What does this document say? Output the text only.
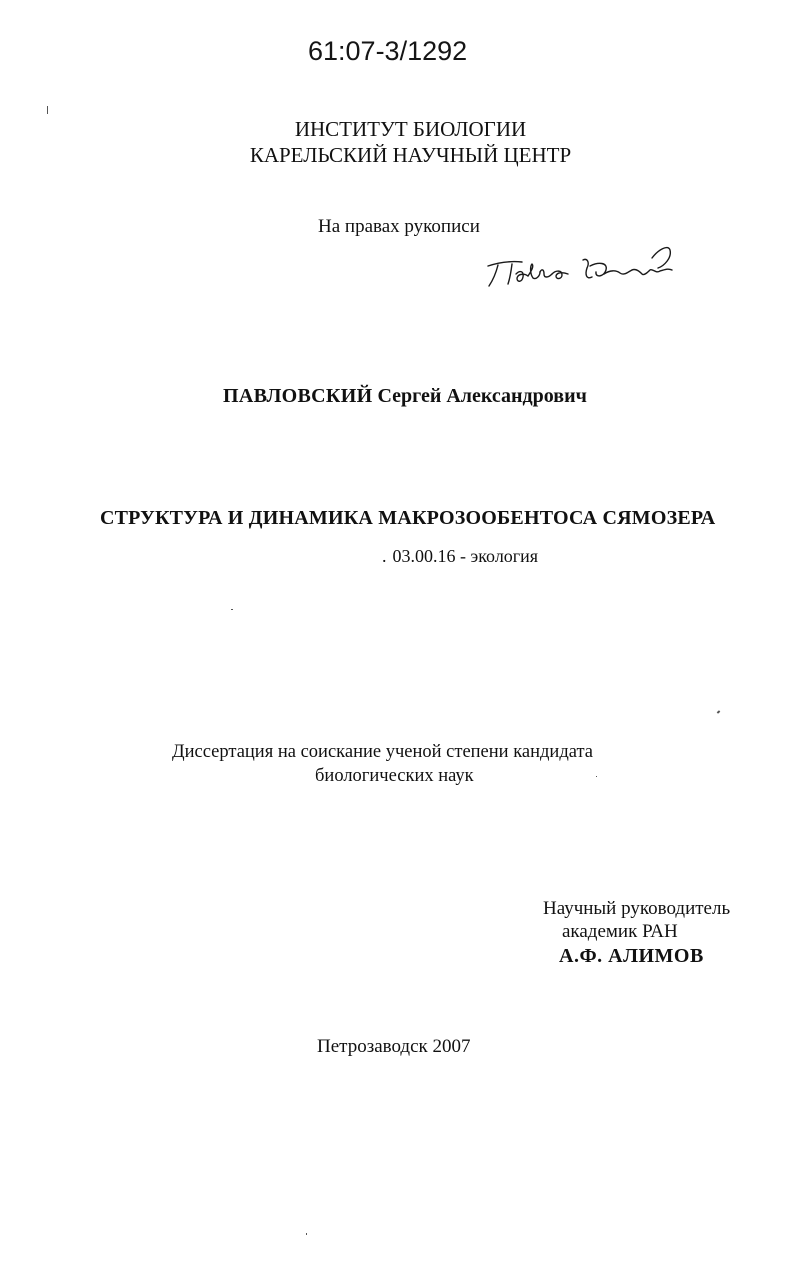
61:07-3/1292
ИНСТИТУТ БИОЛОГИИ
КАРЕЛЬСКИЙ НАУЧНЫЙ ЦЕНТР
На правах рукописи
ПАВЛОВСКИЙ Сергей Александрович
СТРУКТУРА И ДИНАМИКА МАКРОЗООБЕНТОСА СЯМОЗЕРА
. 03.00.16 - экология
Диссертация на соискание ученой степени кандидата
биологических наук
Научный руководитель
академик РАН
А.Ф. АЛИМОВ
Петрозаводск 2007
